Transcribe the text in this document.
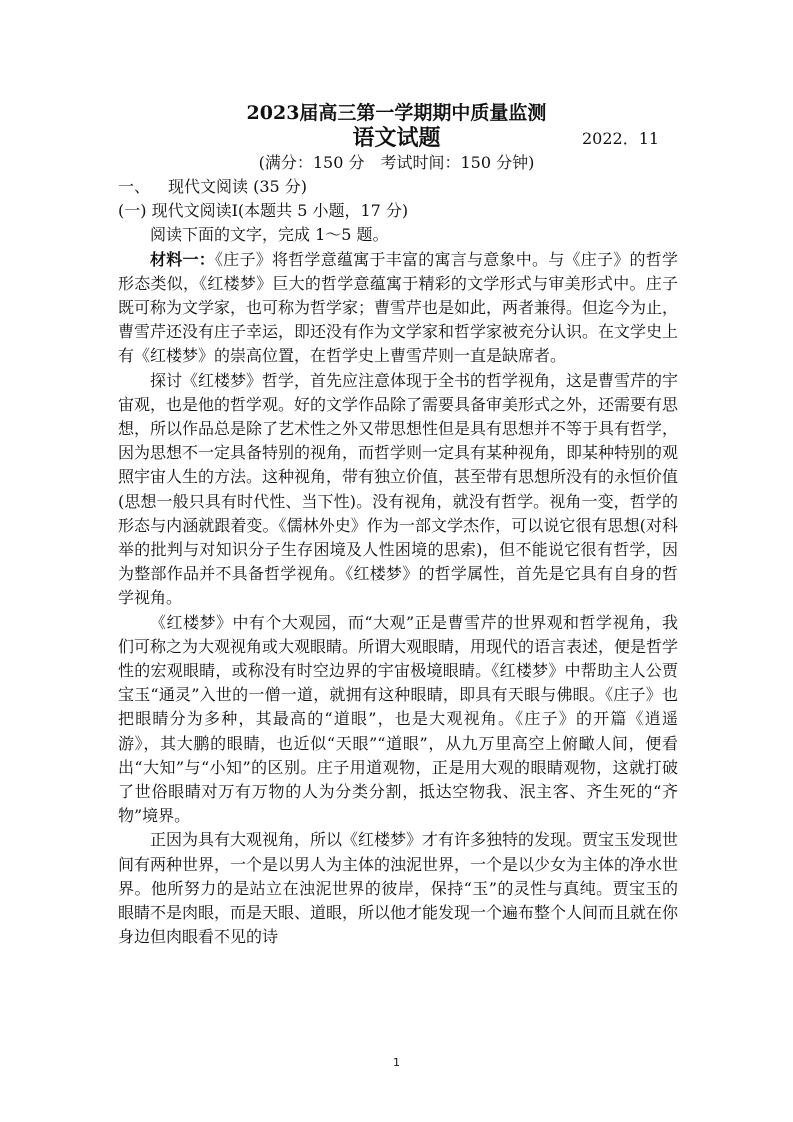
2023届高三第一学期期中质量监测
语文试题	2022．11
(满分：150 分　考试时间：150 分钟)

一、 现代文阅读 (35 分)

(一) 现代文阅读Ⅰ(本题共 5 小题，17 分)

阅读下面的文字，完成 1～5 题。

材料一：《庄子》将哲学意蕴寓于丰富的寓言与意象中。与《庄子》的哲学形态类似，《红楼梦》巨大的哲学意蕴寓于精彩的文学形式与审美形式中。庄子既可称为文学家，也可称为哲学家；曹雪芹也是如此，两者兼得。但迄今为止，曹雪芹还没有庄子幸运，即还没有作为文学家和哲学家被充分认识。在文学史上有《红楼梦》的崇高位置，在哲学史上曹雪芹则一直是缺席者。

探讨《红楼梦》哲学，首先应注意体现于全书的哲学视角，这是曹雪芹的宇宙观，也是他的哲学观。好的文学作品除了需要具备审美形式之外，还需要有思想，所以作品总是除了艺术性之外又带思想性但是具有思想并不等于具有哲学，因为思想不一定具备特别的视角，而哲学则一定具有某种视角，即某种特别的观照宇宙人生的方法。这种视角，带有独立价值，甚至带有思想所没有的永恒价值(思想一般只具有时代性、当下性)。没有视角，就没有哲学。视角一变，哲学的形态与内涵就跟着变。《儒林外史》作为一部文学杰作，可以说它很有思想(对科举的批判与对知识分子生存困境及人性困境的思索)，但不能说它很有哲学，因为整部作品并不具备哲学视角。《红楼梦》的哲学属性，首先是它具有自身的哲学视角。

《红楼梦》中有个大观园，而“大观”正是曹雪芹的世界观和哲学视角，我们可称之为大观视角或大观眼睛。所谓大观眼睛，用现代的语言表述，便是哲学性的宏观眼睛，或称没有时空边界的宇宙极境眼睛。《红楼梦》中帮助主人公贾宝玉“通灵”入世的一僧一道，就拥有这种眼睛，即具有天眼与佛眼。《庄子》也把眼睛分为多种，其最高的“道眼”，也是大观视角。《庄子》的开篇《逍遥游》，其大鹏的眼睛，也近似“天眼”“道眼”，从九万里高空上俯瞰人间，便看出“大知”与“小知”的区别。庄子用道观物，正是用大观的眼睛观物，这就打破了世俗眼睛对万有万物的人为分类分割，抵达空物我、泯主客、齐生死的“齐物”境界。

正因为具有大观视角，所以《红楼梦》才有许多独特的发现。贾宝玉发现世间有两种世界，一个是以男人为主体的浊泥世界，一个是以少女为主体的净水世界。他所努力的是站立在浊泥世界的彼岸，保持“玉”的灵性与真纯。贾宝玉的眼睛不是肉眼，而是天眼、道眼，所以他才能发现一个遍布整个人间而且就在你身边但肉眼看不见的诗

1
